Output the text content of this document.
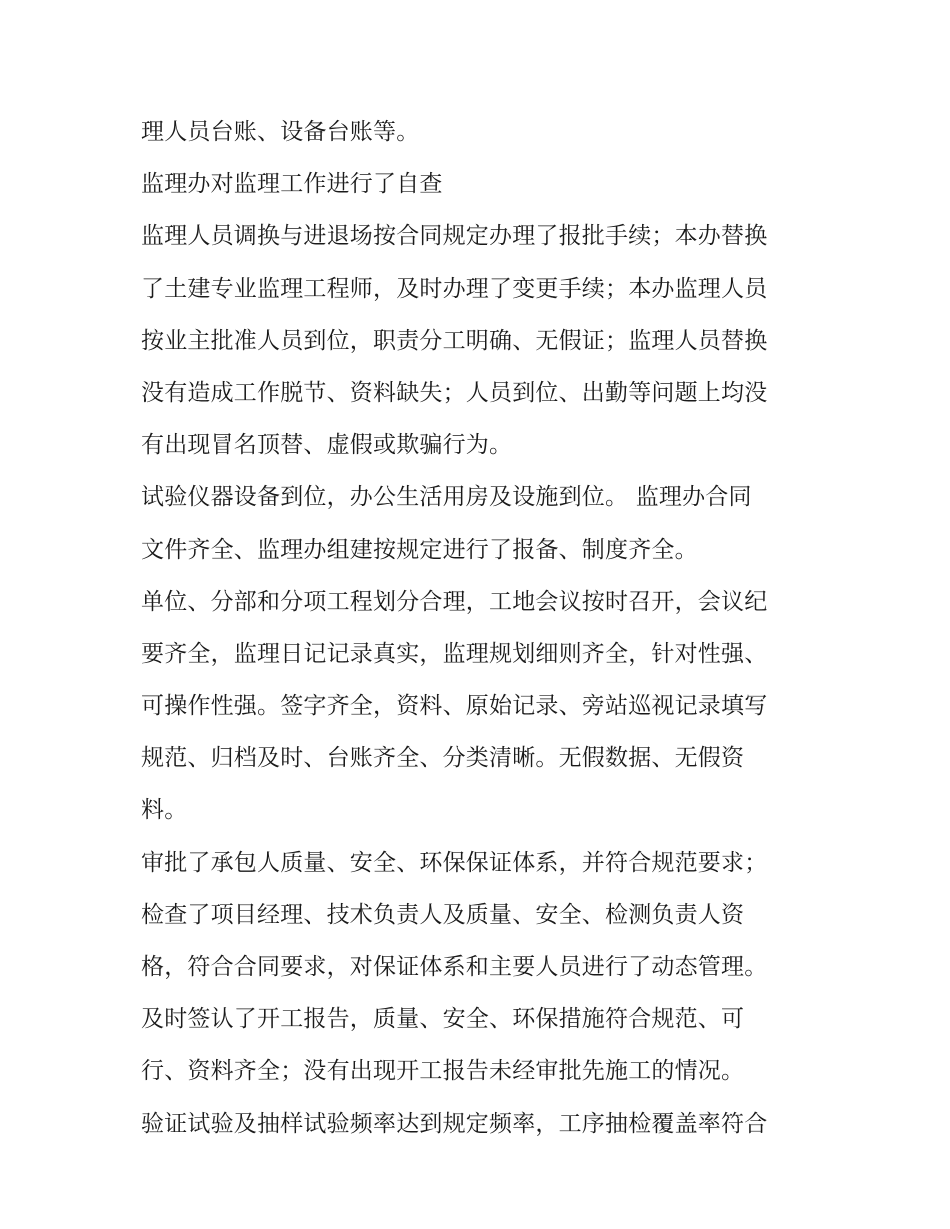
理人员台账、设备台账等。
监理办对监理工作进行了自查
监理人员调换与进退场按合同规定办理了报批手续；本办替换
了土建专业监理工程师，及时办理了变更手续；本办监理人员
按业主批准人员到位，职责分工明确、无假证；监理人员替换
没有造成工作脱节、资料缺失；人员到位、出勤等问题上均没
有出现冒名顶替、虚假或欺骗行为。
试验仪器设备到位，办公生活用房及设施到位。 监理办合同
文件齐全、监理办组建按规定进行了报备、制度齐全。
单位、分部和分项工程划分合理，工地会议按时召开，会议纪
要齐全，监理日记记录真实，监理规划细则齐全，针对性强、
可操作性强。签字齐全，资料、原始记录、旁站巡视记录填写
规范、归档及时、台账齐全、分类清晰。无假数据、无假资
料。
审批了承包人质量、安全、环保保证体系，并符合规范要求；
检查了项目经理、技术负责人及质量、安全、检测负责人资
格，符合合同要求，对保证体系和主要人员进行了动态管理。
及时签认了开工报告，质量、安全、环保措施符合规范、可
行、资料齐全；没有出现开工报告未经审批先施工的情况。
验证试验及抽样试验频率达到规定频率，工序抽检覆盖率符合
